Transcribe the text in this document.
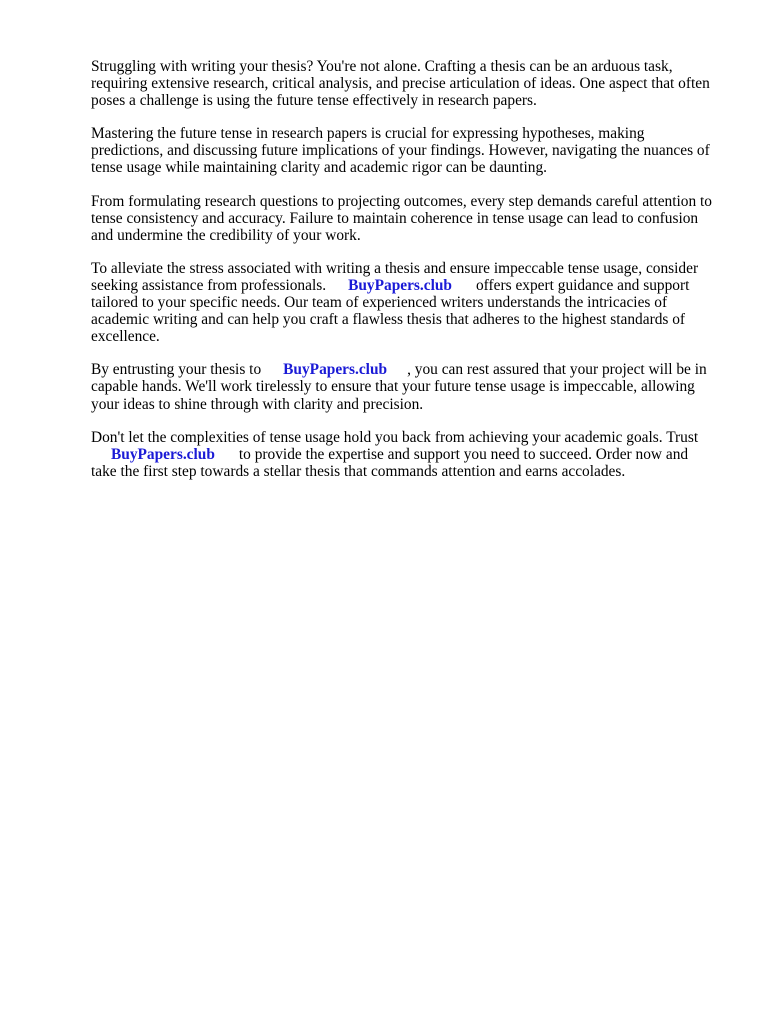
Struggling with writing your thesis? You're not alone. Crafting a thesis can be an arduous task,
requiring extensive research, critical analysis, and precise articulation of ideas. One aspect that often
poses a challenge is using the future tense effectively in research papers.

Mastering the future tense in research papers is crucial for expressing hypotheses, making
predictions, and discussing future implications of your findings. However, navigating the nuances of
tense usage while maintaining clarity and academic rigor can be daunting.

From formulating research questions to projecting outcomes, every step demands careful attention to
tense consistency and accuracy. Failure to maintain coherence in tense usage can lead to confusion
and undermine the credibility of your work.

To alleviate the stress associated with writing a thesis and ensure impeccable tense usage, consider
seeking assistance from professionals. BuyPapers.club offers expert guidance and support
tailored to your specific needs. Our team of experienced writers understands the intricacies of
academic writing and can help you craft a flawless thesis that adheres to the highest standards of
excellence.

By entrusting your thesis to BuyPapers.club , you can rest assured that your project will be in
capable hands. We'll work tirelessly to ensure that your future tense usage is impeccable, allowing
your ideas to shine through with clarity and precision.

Don't let the complexities of tense usage hold you back from achieving your academic goals. Trust
BuyPapers.club to provide the expertise and support you need to succeed. Order now and
take the first step towards a stellar thesis that commands attention and earns accolades.
